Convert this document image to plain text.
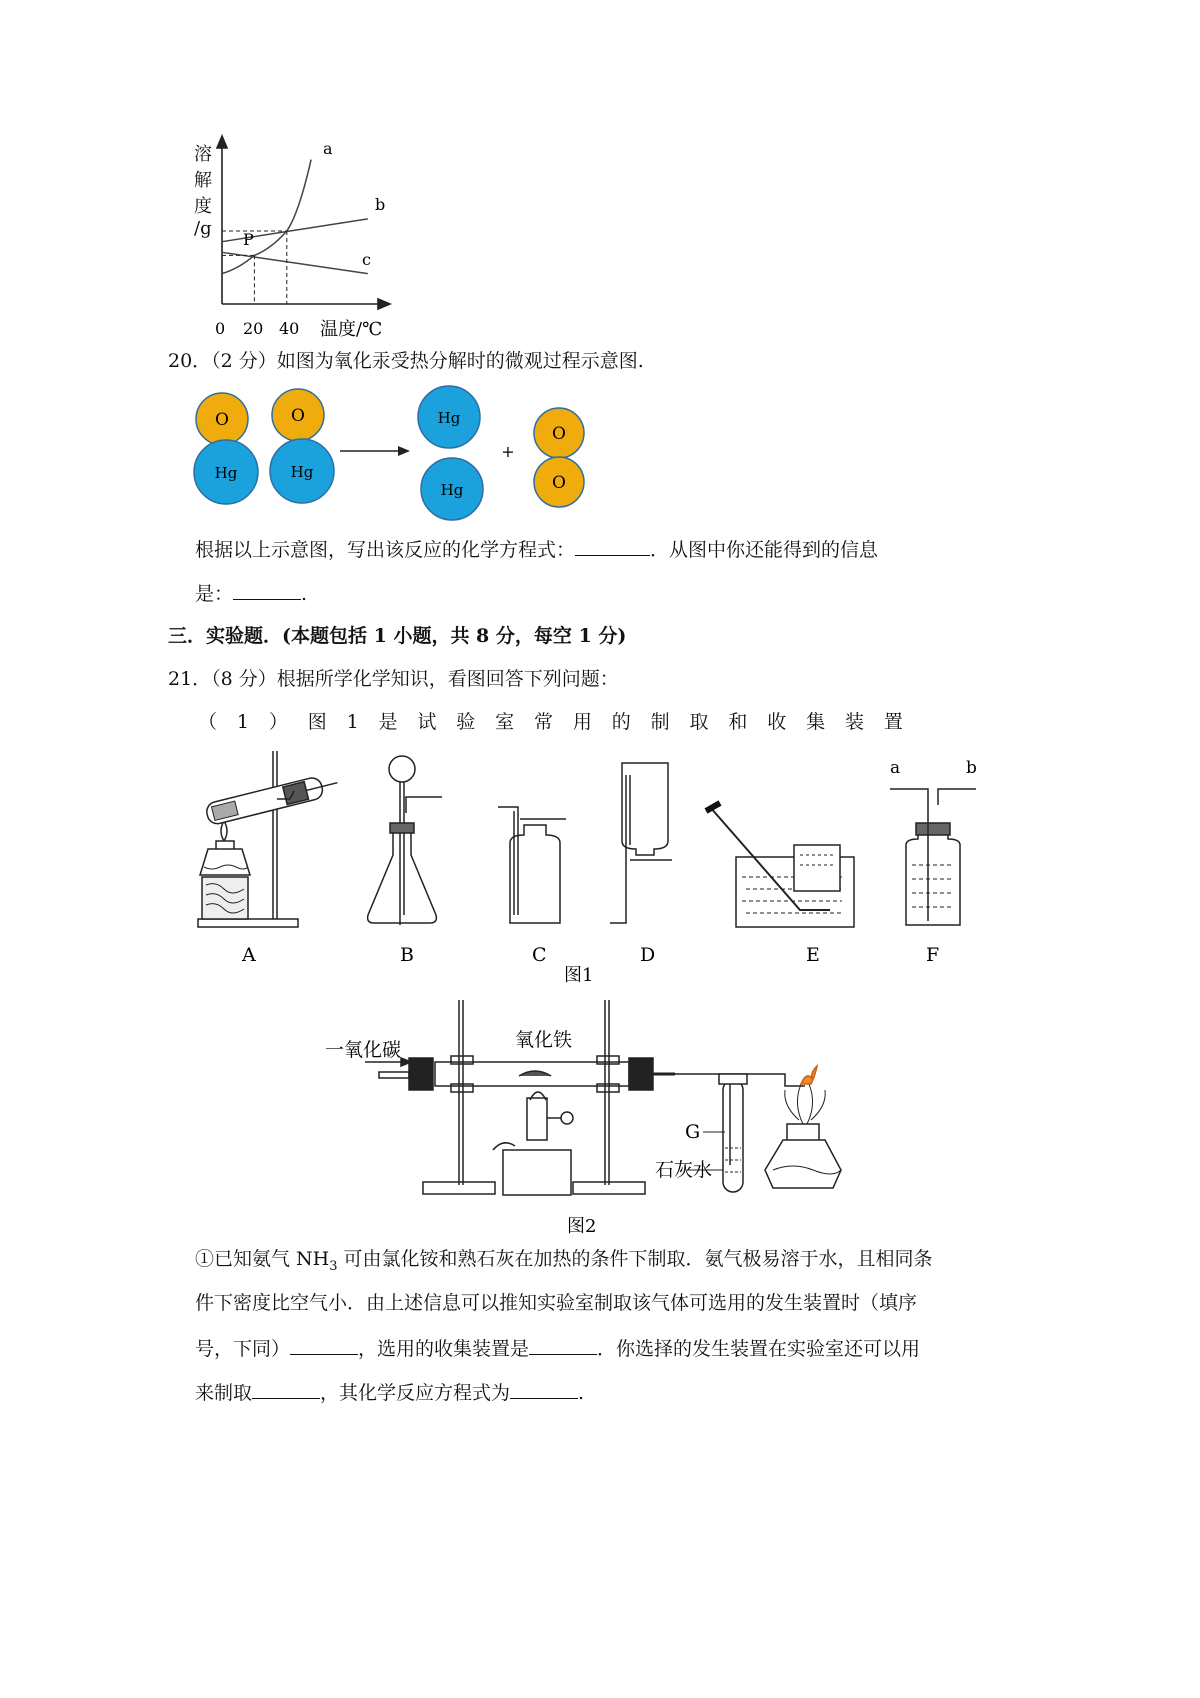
溶
解
度
/g
P
a
b
c
0 20 40 温度/℃
20．（2 分）如图为氧化汞受热分解时的微观过程示意图.
O
Hg
O
Hg
Hg
Hg
+
O
O
根据以上示意图，写出该反应的化学方程式：	．从图中你还能得到的信息
是：	.
三．实验题．(本题包括 1 小题，共 8 分，每空 1 分)
21．（8 分）根据所学化学知识，看图回答下列问题：
（ 1 ） 图 1 是 试 验 室 常 用 的 制 取 和 收 集 装 置
a	b
A	B	C	D	E	F
图1
一氧化碳	氧化铁
G
石灰水
图2
①已知氨气 $NH_3$ 可由氯化铵和熟石灰在加热的条件下制取．氨气极易溶于水，且相同条
件下密度比空气小．由上述信息可以推知实验室制取该气体可选用的发生装置时（填序
号，下同）	，选用的收集装置是	．你选择的发生装置在实验室还可以用
来制取	，其化学反应方程式为	.
